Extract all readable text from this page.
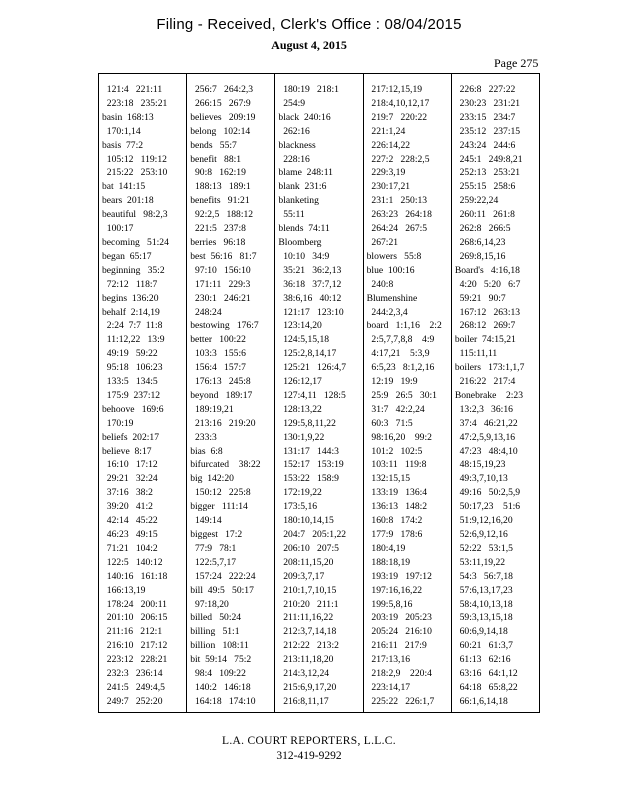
Filing - Received, Clerk's Office : 08/04/2015
August 4, 2015
Page 275
121:4   221:11
223:18   235:21
basin  168:13
170:1,14
basis  77:2
105:12   119:12
215:22   253:10
bat  141:15
bears  201:18
beautiful   98:2,3
100:17
becoming   51:24
began  65:17
beginning   35:2
72:12   118:7
begins  136:20
behalf  2:14,19
2:24  7:7  11:8
11:12,22   13:9
49:19   59:22
95:18   106:23
133:5   134:5
175:9  237:12
behoove   169:6
170:19
beliefs  202:17
believe  8:17
16:10   17:12
29:21   32:24
37:16   38:2
39:20   41:2
42:14   45:22
46:23   49:15
71:21   104:2
122:5   140:12
140:16   161:18
166:13,19
178:24   200:11
201:10   206:15
211:16   212:1
216:10   217:12
223:12   228:21
232:3   236:14
241:5   249:4,5
249:7   252:20
256:7   264:2,3
266:15   267:9
believes   209:19
belong   102:14
bends   55:7
benefit   88:1
90:8   162:19
188:13   189:1
benefits   91:21
92:2,5   188:12
221:5   237:8
berries   96:18
best  56:16   81:7
97:10   156:10
171:11   229:3
230:1   246:21
248:24
bestowing   176:7
better   100:22
103:3   155:6
156:4   157:7
176:13   245:8
beyond   189:17
189:19,21
213:16   219:20
233:3
bias  6:8
bifurcated    38:22
big  142:20
150:12   225:8
bigger   111:14
149:14
biggest   17:2
77:9   78:1
122:5,7,17
157:24   222:24
bill  49:5   50:17
97:18,20
billed   50:24
billing   51:1
billion   108:11
bit  59:14   75:2
98:4   109:22
140:2   146:18
164:18   174:10
180:19   218:1
254:9
black  240:16
262:16
blackness
228:16
blame  248:11
blank  231:6
blanketing
55:11
blends  74:11
Bloomberg
10:10   34:9
35:21   36:2,13
36:18   37:7,12
38:6,16   40:12
121:17   123:10
123:14,20
124:5,15,18
125:2,8,14,17
125:21   126:4,7
126:12,17
127:4,11   128:5
128:13,22
129:5,8,11,22
130:1,9,22
131:17   144:3
152:17   153:19
153:22   158:9
172:19,22
173:5,16
180:10,14,15
204:7   205:1,22
206:10   207:5
208:11,15,20
209:3,7,17
210:1,7,10,15
210:20   211:1
211:11,16,22
212:3,7,14,18
212:22   213:2
213:11,18,20
214:3,12,24
215:6,9,17,20
216:8,11,17
217:12,15,19
218:4,10,12,17
219:7   220:22
221:1,24
226:14,22
227:2   228:2,5
229:3,19
230:17,21
231:1   250:13
263:23   264:18
264:24   267:5
267:21
blowers   55:8
blue  100:16
240:8
Blumenshine
244:2,3,4
board   1:1,16    2:2
2:5,7,7,8,8    4:9
4:17,21    5:3,9
6:5,23   8:1,2,16
12:19   19:9
25:9   26:5   30:1
31:7   42:2,24
60:3   71:5
98:16,20    99:2
101:2   102:5
103:11   119:8
132:15,15
133:19   136:4
136:13   148:2
160:8   174:2
177:9   178:6
180:4,19
188:18,19
193:19   197:12
197:16,16,22
199:5,8,16
203:19   205:23
205:24   216:10
216:11   217:9
217:13,16
218:2,9    220:4
223:14,17
225:22   226:1,7
226:8   227:22
230:23   231:21
233:15   234:7
235:12   237:15
243:24   244:6
245:1   249:8,21
252:13   253:21
255:15   258:6
259:22,24
260:11   261:8
262:8   266:5
268:6,14,23
269:8,15,16
Board's   4:16,18
4:20   5:20   6:7
59:21   90:7
167:12   263:13
268:12   269:7
boiler  74:15,21
115:11,11
boilers   173:1,1,7
216:22   217:4
Bonebrake    2:23
13:2,3   36:16
37:4   46:21,22
47:2,5,9,13,16
47:23   48:4,10
48:15,19,23
49:3,7,10,13
49:16   50:2,5,9
50:17,23    51:6
51:9,12,16,20
52:6,9,12,16
52:22   53:1,5
53:11,19,22
54:3   56:7,18
57:6,13,17,23
58:4,10,13,18
59:3,13,15,18
60:6,9,14,18
60:21   61:3,7
61:13   62:16
63:16   64:1,12
64:18   65:8,22
66:1,6,14,18
L.A. COURT REPORTERS, L.L.C.
312-419-9292
